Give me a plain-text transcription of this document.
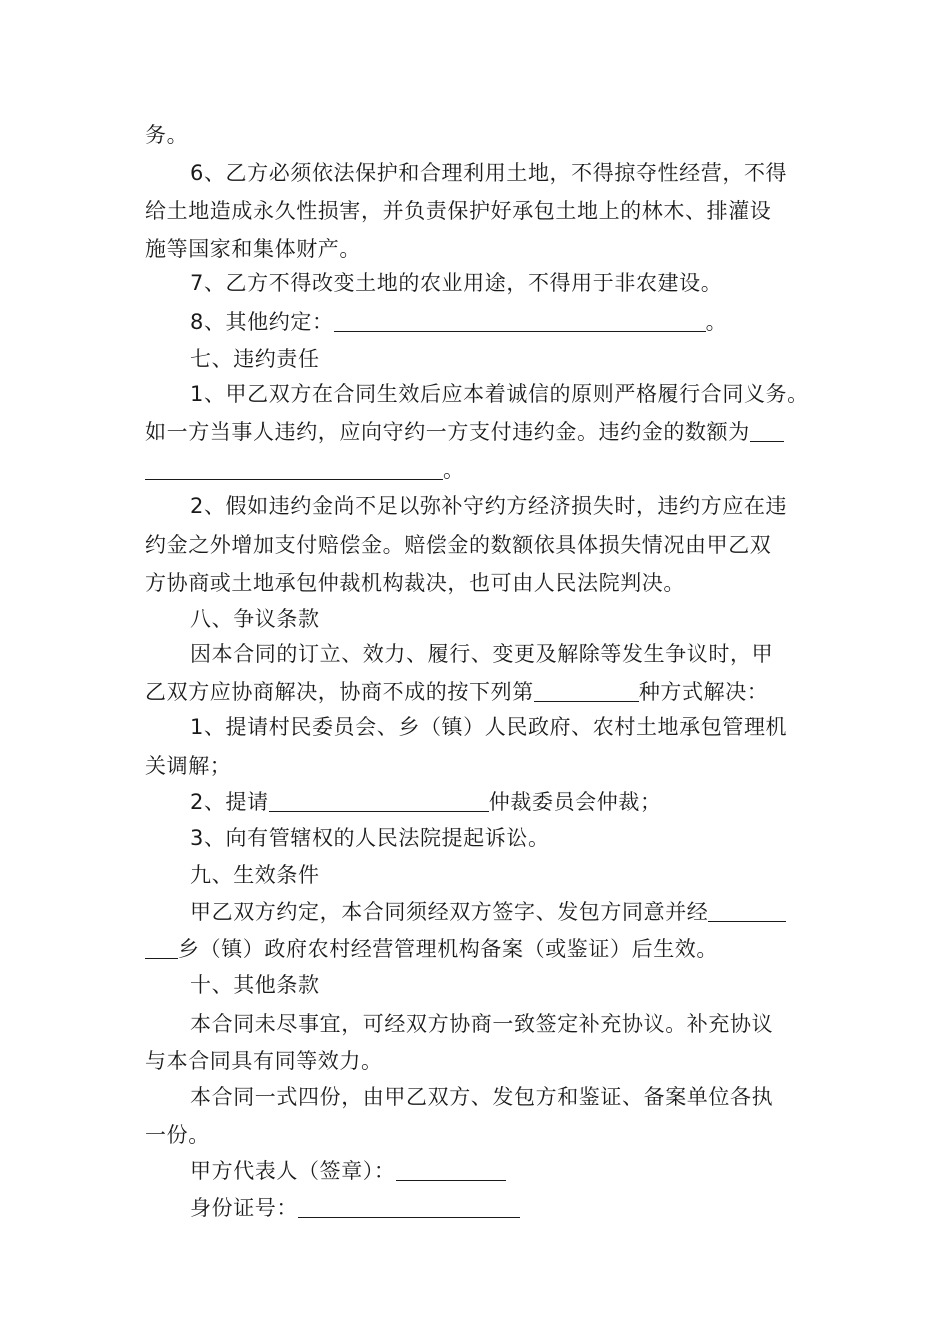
务。
6、乙方必须依法保护和合理利用土地，不得掠夺性经营，不得
给土地造成永久性损害，并负责保护好承包土地上的林木、排灌设
施等国家和集体财产。
7、乙方不得改变土地的农业用途，不得用于非农建设。
8、其他约定：	。
七、违约责任
1、甲乙双方在合同生效后应本着诚信的原则严格履行合同义务。
如一方当事人违约，应向守约一方支付违约金。违约金的数额为
。
2、假如违约金尚不足以弥补守约方经济损失时，违约方应在违
约金之外增加支付赔偿金。赔偿金的数额依具体损失情况由甲乙双
方协商或土地承包仲裁机构裁决，也可由人民法院判决。
八、争议条款
因本合同的订立、效力、履行、变更及解除等发生争议时，甲
乙双方应协商解决，协商不成的按下列第	种方式解决：
1、提请村民委员会、乡（镇）人民政府、农村土地承包管理机
关调解；
2、提请	仲裁委员会仲裁；
3、向有管辖权的人民法院提起诉讼。
九、生效条件
甲乙双方约定，本合同须经双方签字、发包方同意并经
乡（镇）政府农村经营管理机构备案（或鉴证）后生效。
十、其他条款
本合同未尽事宜，可经双方协商一致签定补充协议。补充协议
与本合同具有同等效力。
本合同一式四份，由甲乙双方、发包方和鉴证、备案单位各执
一份。
甲方代表人（签章）：
身份证号：
